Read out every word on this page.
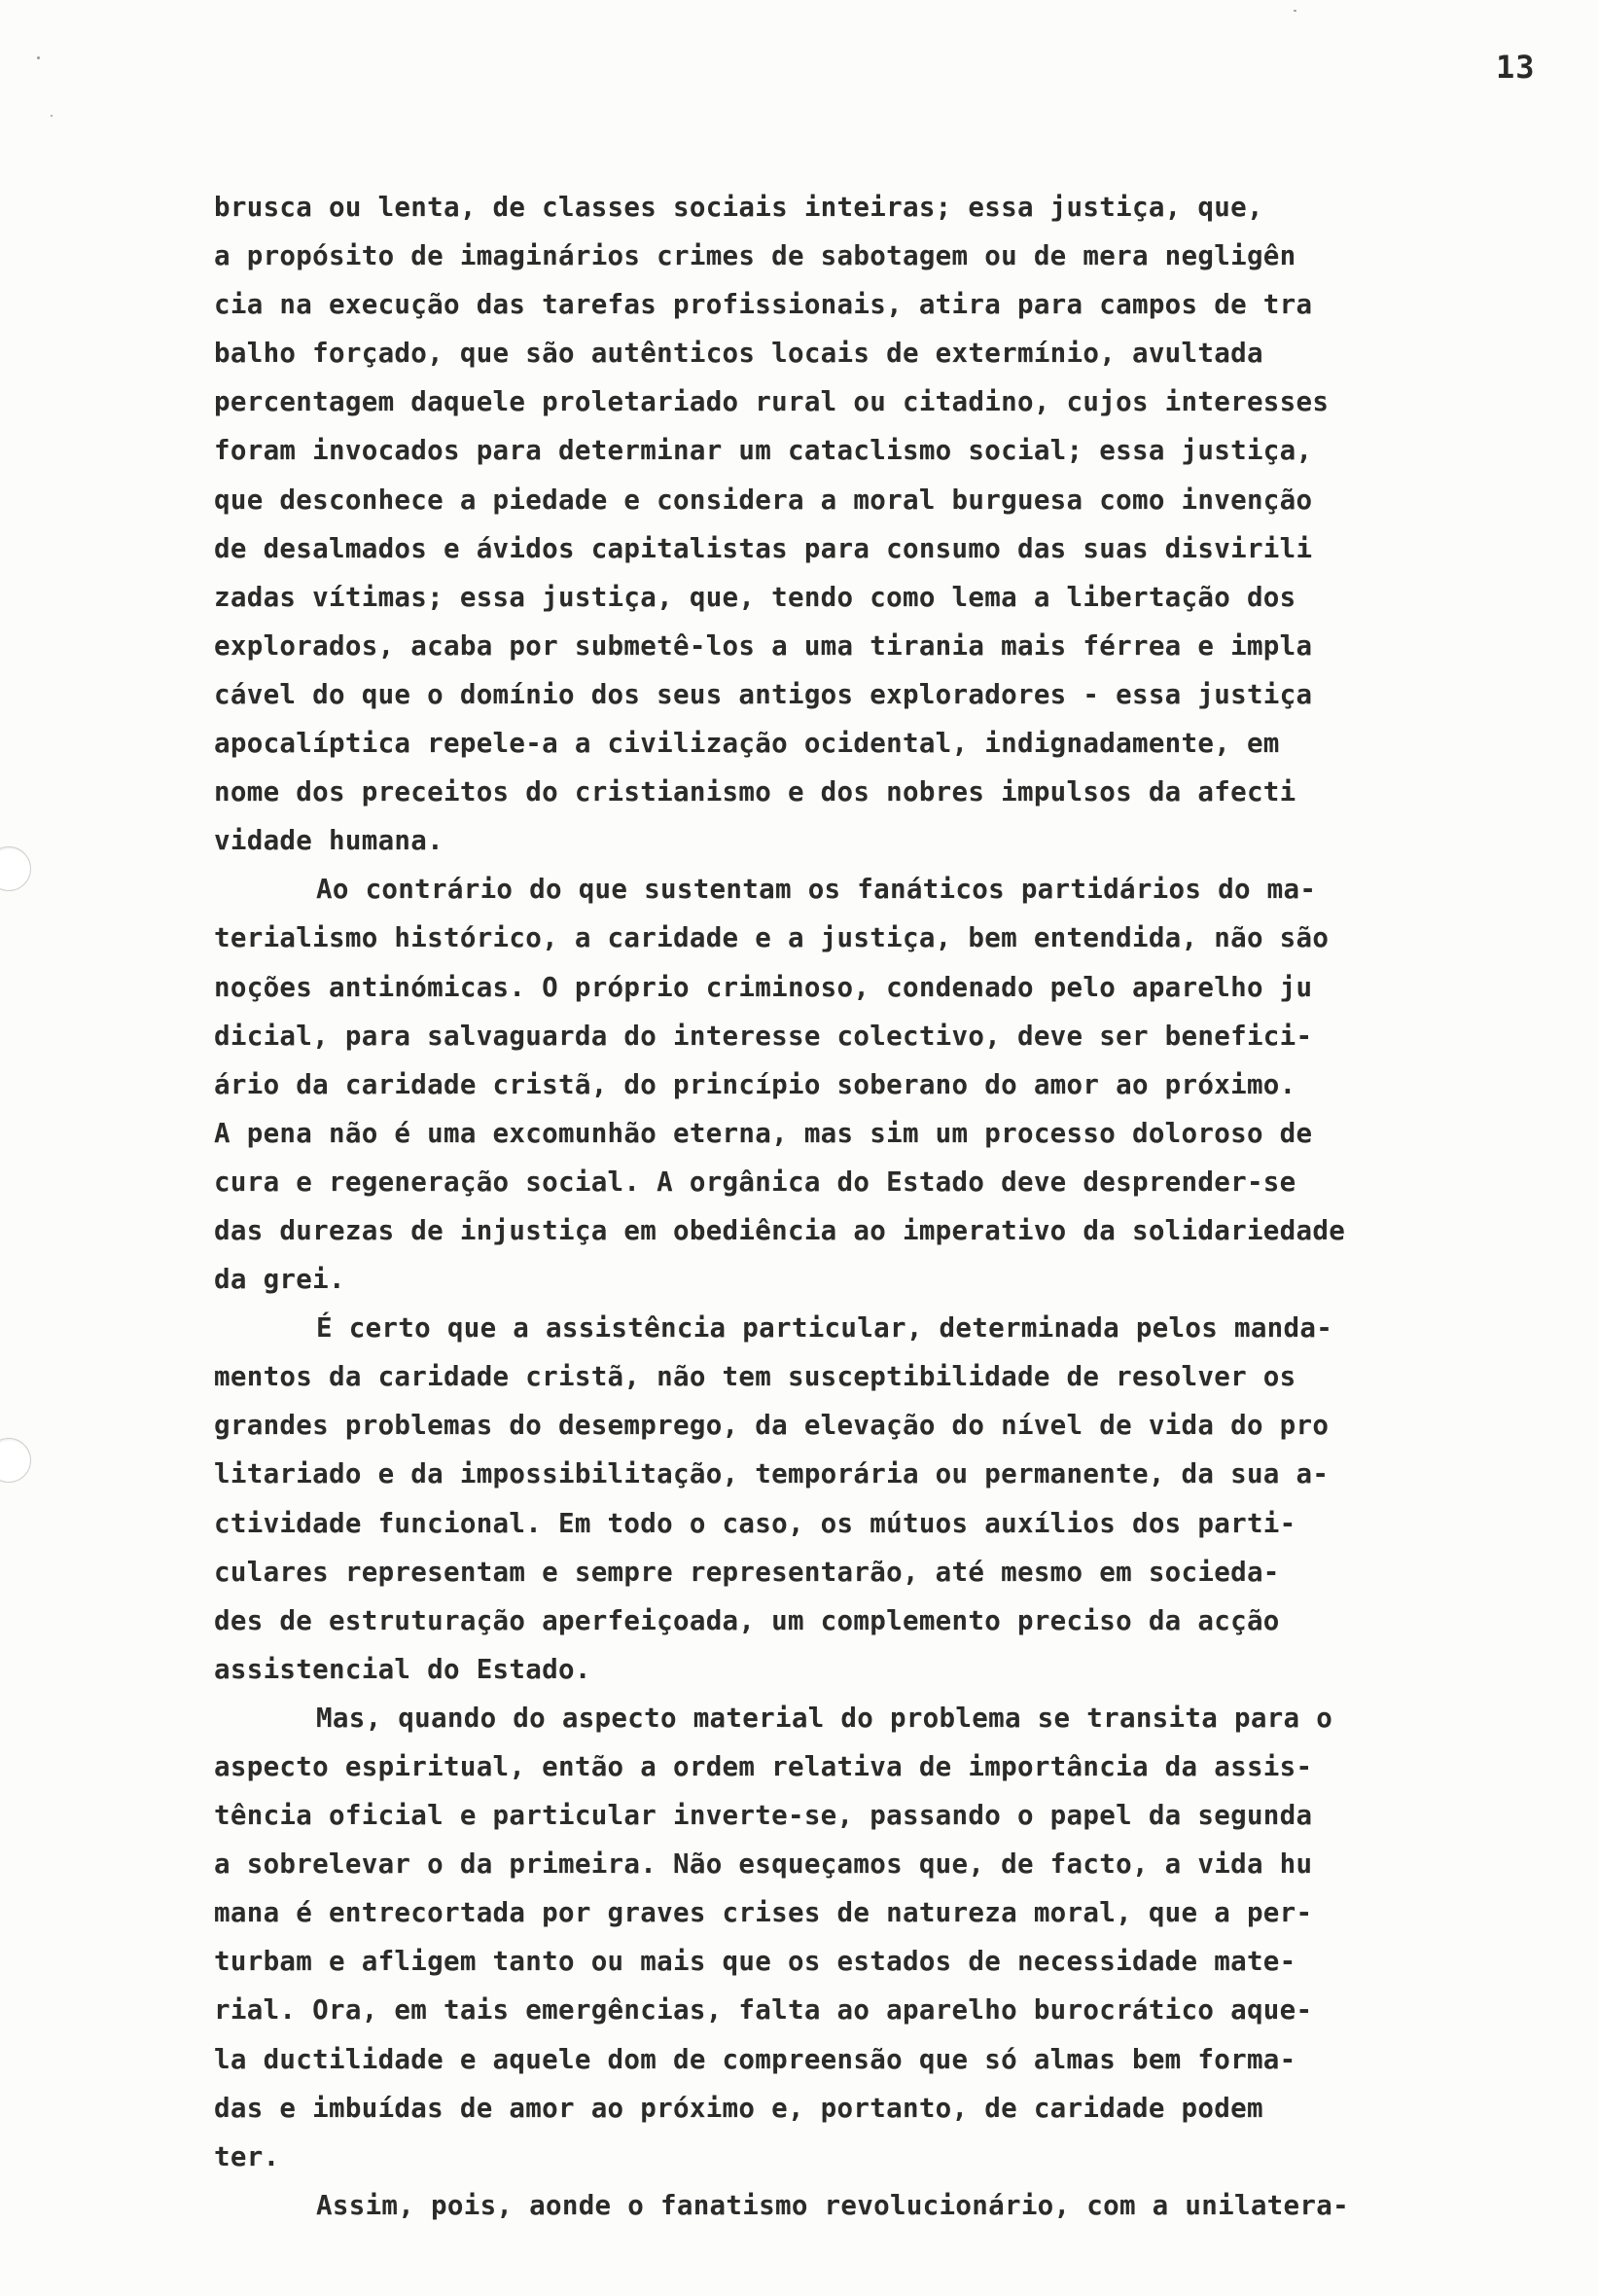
13
brusca ou lenta, de classes sociais inteiras; essa justiça, que,
a propósito de imaginários crimes de sabotagem ou de mera negligên
cia na execução das tarefas profissionais, atira para campos de tra
balho forçado, que são autênticos locais de extermínio, avultada
percentagem daquele proletariado rural ou citadino, cujos interesses
foram invocados para determinar um cataclismo social; essa justiça,
que desconhece a piedade e considera a moral burguesa como invenção
de desalmados e ávidos capitalistas para consumo das suas disvirili
zadas vítimas; essa justiça, que, tendo como lema a libertação dos
explorados, acaba por submetê-los a uma tirania mais férrea e impla
cável do que o domínio dos seus antigos exploradores - essa justiça
apocalíptica repele-a a civilização ocidental, indignadamente, em
nome dos preceitos do cristianismo e dos nobres impulsos da afecti
vidade humana.
Ao contrário do que sustentam os fanáticos partidários do ma-
terialismo histórico, a caridade e a justiça, bem entendida, não são
noções antinómicas. O próprio criminoso, condenado pelo aparelho ju
dicial, para salvaguarda do interesse colectivo, deve ser benefici-
ário da caridade cristã, do princípio soberano do amor ao próximo.
A pena não é uma excomunhão eterna, mas sim um processo doloroso de
cura e regeneração social. A orgânica do Estado deve desprender-se
das durezas de injustiça em obediência ao imperativo da solidariedade
da grei.
É certo que a assistência particular, determinada pelos manda-
mentos da caridade cristã, não tem susceptibilidade de resolver os
grandes problemas do desemprego, da elevação do nível de vida do pro
litariado e da impossibilitação, temporária ou permanente, da sua a-
ctividade funcional. Em todo o caso, os mútuos auxílios dos parti-
culares representam e sempre representarão, até mesmo em socieda-
des de estruturação aperfeiçoada, um complemento preciso da acção
assistencial do Estado.
Mas, quando do aspecto material do problema se transita para o
aspecto espiritual, então a ordem relativa de importância da assis-
tência oficial e particular inverte-se, passando o papel da segunda
a sobrelevar o da primeira. Não esqueçamos que, de facto, a vida hu
mana é entrecortada por graves crises de natureza moral, que a per-
turbam e afligem tanto ou mais que os estados de necessidade mate-
rial. Ora, em tais emergências, falta ao aparelho burocrático aque-
la ductilidade e aquele dom de compreensão que só almas bem forma-
das e imbuídas de amor ao próximo e, portanto, de caridade podem
ter.
Assim, pois, aonde o fanatismo revolucionário, com a unilatera-
